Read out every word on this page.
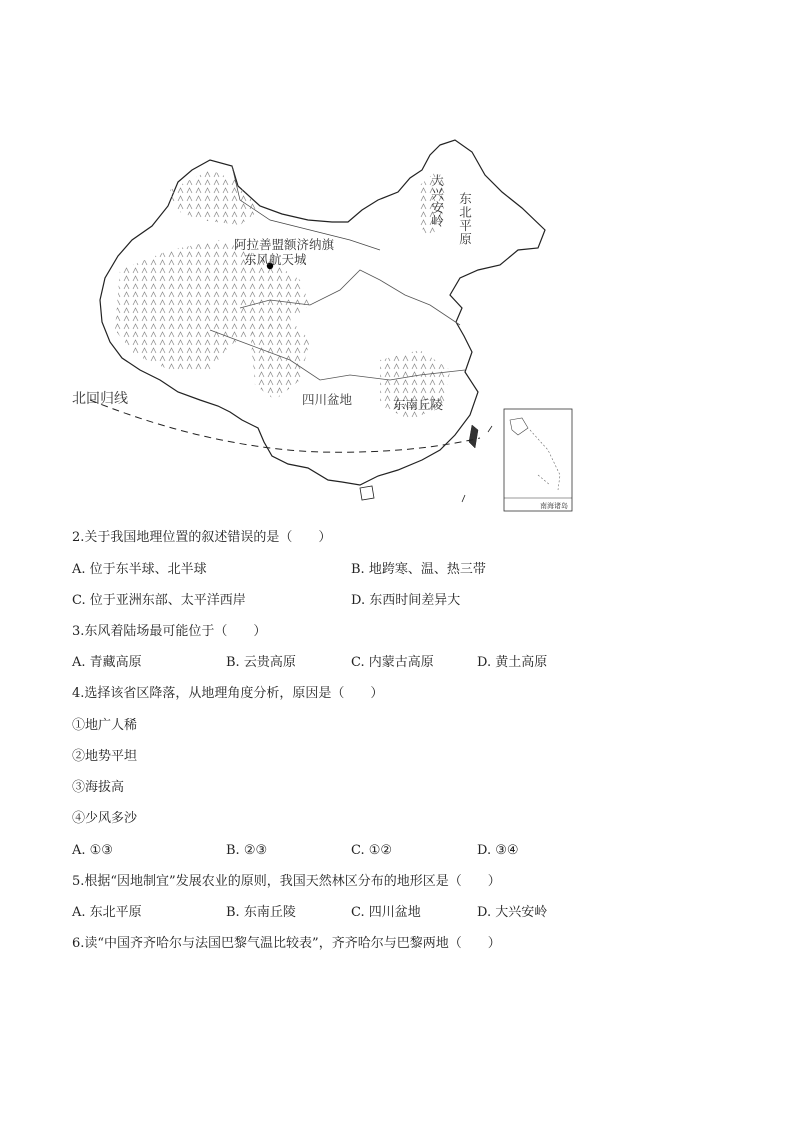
大兴安岭 东北平原
阿拉善盟额济纳旗
东风航天城
四川盆地	东南丘陵
北回归线
南海诸岛
2.关于我国地理位置的叙述错误的是（　　）
A. 位于东半球、北半球	B. 地跨寒、温、热三带
C. 位于亚洲东部、太平洋西岸	D. 东西时间差异大
3.东风着陆场最可能位于（　　）
A. 青藏高原	B. 云贵高原	C. 内蒙古高原	D. 黄土高原
4.选择该省区降落，从地理角度分析，原因是（　　）
①地广人稀
②地势平坦
③海拔高
④少风多沙
A. ①③	B. ②③	C. ①②	D. ③④
5.根据“因地制宜”发展农业的原则，我国天然林区分布的地形区是（　　）
A. 东北平原	B. 东南丘陵	C. 四川盆地	D. 大兴安岭
6.读“中国齐齐哈尔与法国巴黎气温比较表”，齐齐哈尔与巴黎两地（　　）
